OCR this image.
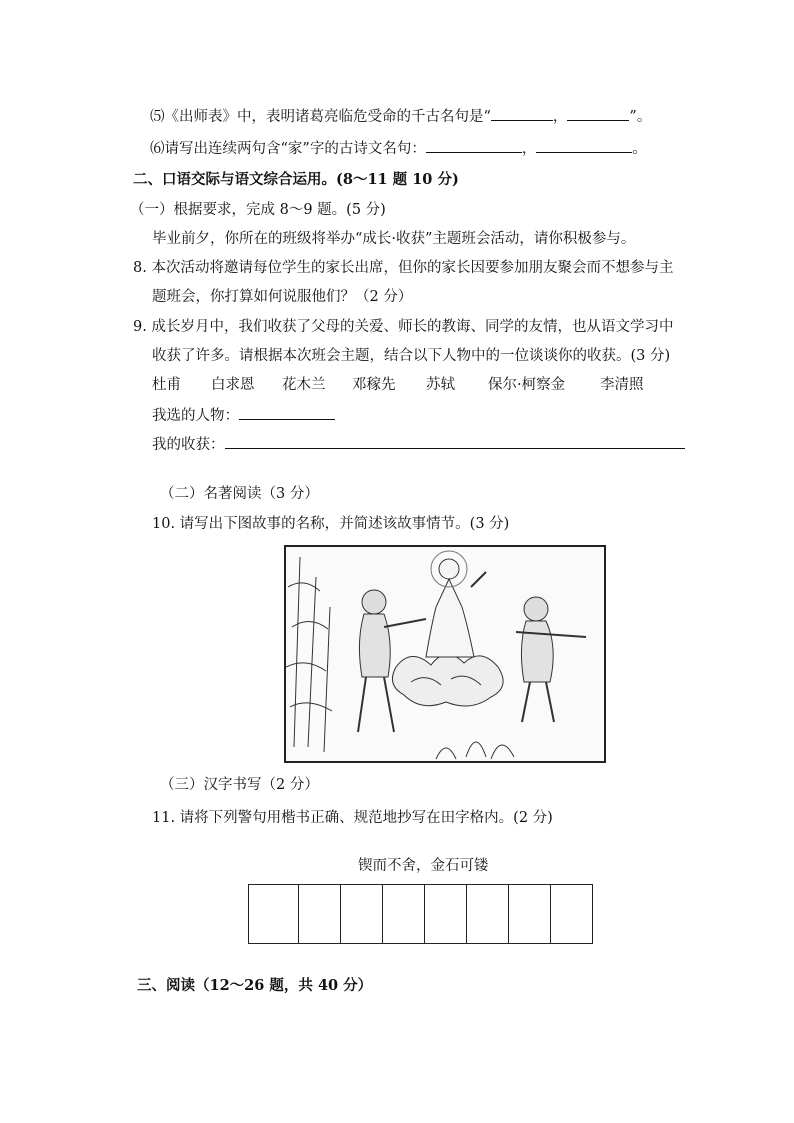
⑸《出师表》中，表明诸葛亮临危受命的千古名句是“	，	”。
⑹请写出连续两句含“家”字的古诗文名句：	，	。
二、口语交际与语文综合运用。(8～11 题 10 分)
（一）根据要求，完成 8～9 题。(5 分)
毕业前夕，你所在的班级将举办“成长·收获”主题班会活动，请你积极参与。
8. 本次活动将邀请每位学生的家长出席，但你的家长因要参加朋友聚会而不想参与主
题班会，你打算如何说服他们？（2 分）
9. 成长岁月中，我们收获了父母的关爱、师长的教诲、同学的友情，也从语文学习中
收获了许多。请根据本次班会主题，结合以下人物中的一位谈谈你的收获。(3 分)
杜甫 白求恩 花木兰 邓稼先 苏轼 保尔·柯察金 李清照
我选的人物：
我的收获：
（二）名著阅读（3 分）
10. 请写出下图故事的名称，并简述该故事情节。(3 分)
（三）汉字书写（2 分）
11. 请将下列警句用楷书正确、规范地抄写在田字格内。(2 分)
锲而不舍，金石可镂
三、阅读（12～26 题，共 40 分）
